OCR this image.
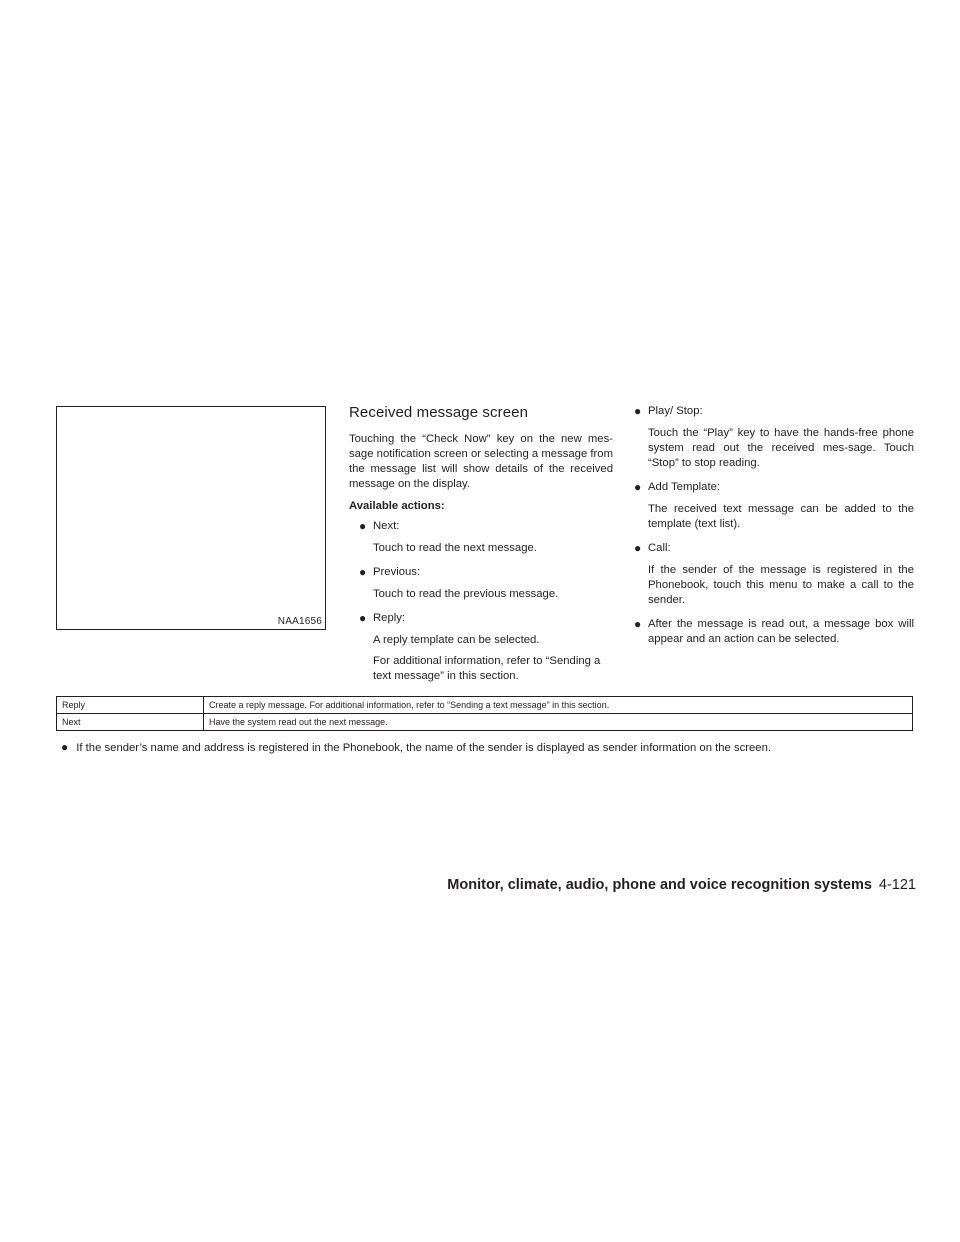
NAA1656
Received message screen

Touching the “Check Now” key on the new mes-sage notification screen or selecting a message from the message list will show details of the received message on the display.

Available actions:
● Next:
Touch to read the next message.
● Previous:
Touch to read the previous message.
● Reply:
A reply template can be selected.
For additional information, refer to “Sending a text message” in this section.
● Play/ Stop:
Touch the “Play” key to have the hands-free phone system read out the received mes-sage. Touch “Stop” to stop reading.
● Add Template:
The received text message can be added to the template (text list).
● Call:
If the sender of the message is registered in the Phonebook, touch this menu to make a call to the sender.
● After the message is read out, a message box will appear and an action can be selected.
Reply	Create a reply message. For additional information, refer to “Sending a text message” in this section.
Next	Have the system read out the next message.
● If the sender’s name and address is registered in the Phonebook, the name of the sender is displayed as sender information on the screen.
Monitor, climate, audio, phone and voice recognition systems 4-121
